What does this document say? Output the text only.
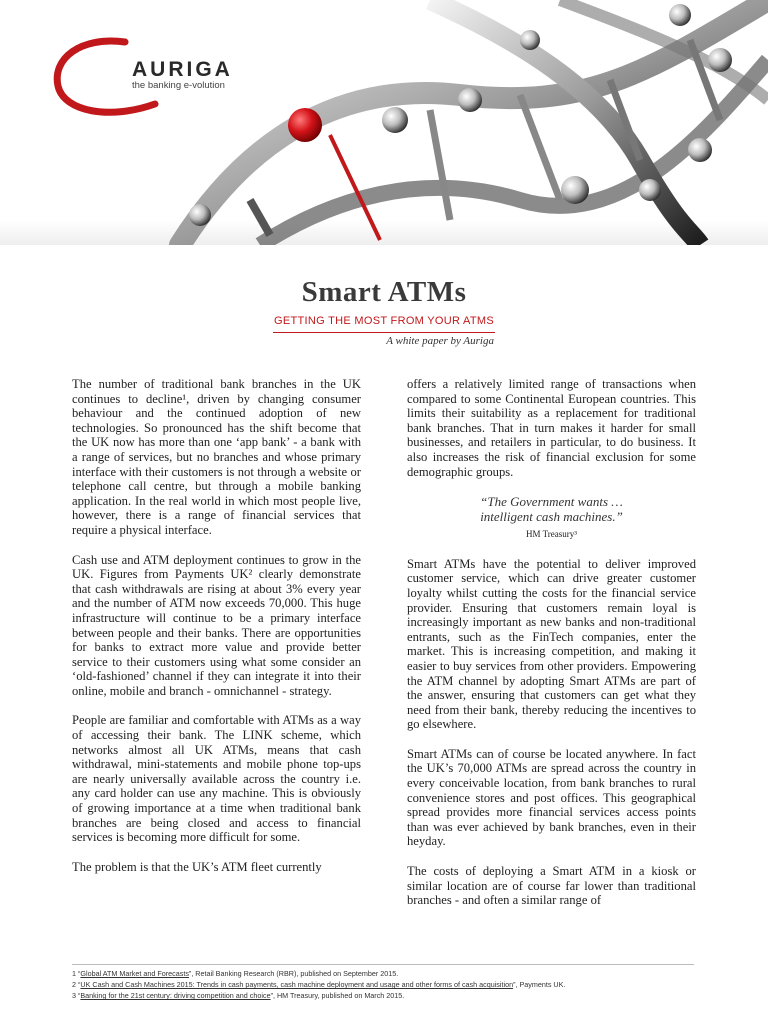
AURIGA
the banking e-volution
Smart ATMs
GETTING THE MOST FROM YOUR ATMS
A white paper by Auriga

The number of traditional bank branches in the UK continues to decline¹, driven by changing consumer behaviour and the continued adoption of new technologies. So pronounced has the shift become that the UK now has more than one ‘app bank’ - a bank with a range of services, but no branches and whose primary interface with their customers is not through a website or telephone call centre, but through a mobile banking application. In the real world in which most people live, however, there is a range of financial services that require a physical interface.

Cash use and ATM deployment continues to grow in the UK. Figures from Payments UK² clearly demonstrate that cash withdrawals are rising at about 3% every year and the number of ATM now exceeds 70,000. This huge infrastructure will continue to be a primary interface between people and their banks. There are opportunities for banks to extract more value and provide better service to their customers using what some consider an ‘old-fashioned’ channel if they can integrate it into their online, mobile and branch - omnichannel - strategy.

People are familiar and comfortable with ATMs as a way of accessing their bank. The LINK scheme, which networks almost all UK ATMs, means that cash withdrawal, mini-statements and mobile phone top-ups are nearly universally available across the country i.e. any card holder can use any machine. This is obviously of growing importance at a time when traditional bank branches are being closed and access to financial services is becoming more difficult for some.

The problem is that the UK’s ATM fleet currently

offers a relatively limited range of transactions when compared to some Continental European countries. This limits their suitability as a replacement for traditional bank branches. That in turn makes it harder for small businesses, and retailers in particular, to do business. It also increases the risk of financial exclusion for some demographic groups.

“The Government wants …
intelligent cash machines.”
HM Treasury³

Smart ATMs have the potential to deliver improved customer service, which can drive greater customer loyalty whilst cutting the costs for the financial service provider. Ensuring that customers remain loyal is increasingly important as new banks and non-traditional entrants, such as the FinTech companies, enter the market. This is increasing competition, and making it easier to buy services from other providers. Empowering the ATM channel by adopting Smart ATMs are part of the answer, ensuring that customers can get what they need from their bank, thereby reducing the incentives to go elsewhere.

Smart ATMs can of course be located anywhere. In fact the UK’s 70,000 ATMs are spread across the country in every conceivable location, from bank branches to rural convenience stores and post offices. This geographical spread provides more financial services access points than was ever achieved by bank branches, even in their heyday.

The costs of deploying a Smart ATM in a kiosk or similar location are of course far lower than traditional branches - and often a similar range of

1 “Global ATM Market and Forecasts”, Retail Banking Research (RBR), published on September 2015.
2 “UK Cash and Cash Machines 2015: Trends in cash payments, cash machine deployment and usage and other forms of cash acquisition”, Payments UK.
3 “Banking for the 21st century: driving competition and choice”, HM Treasury, published on March 2015.
